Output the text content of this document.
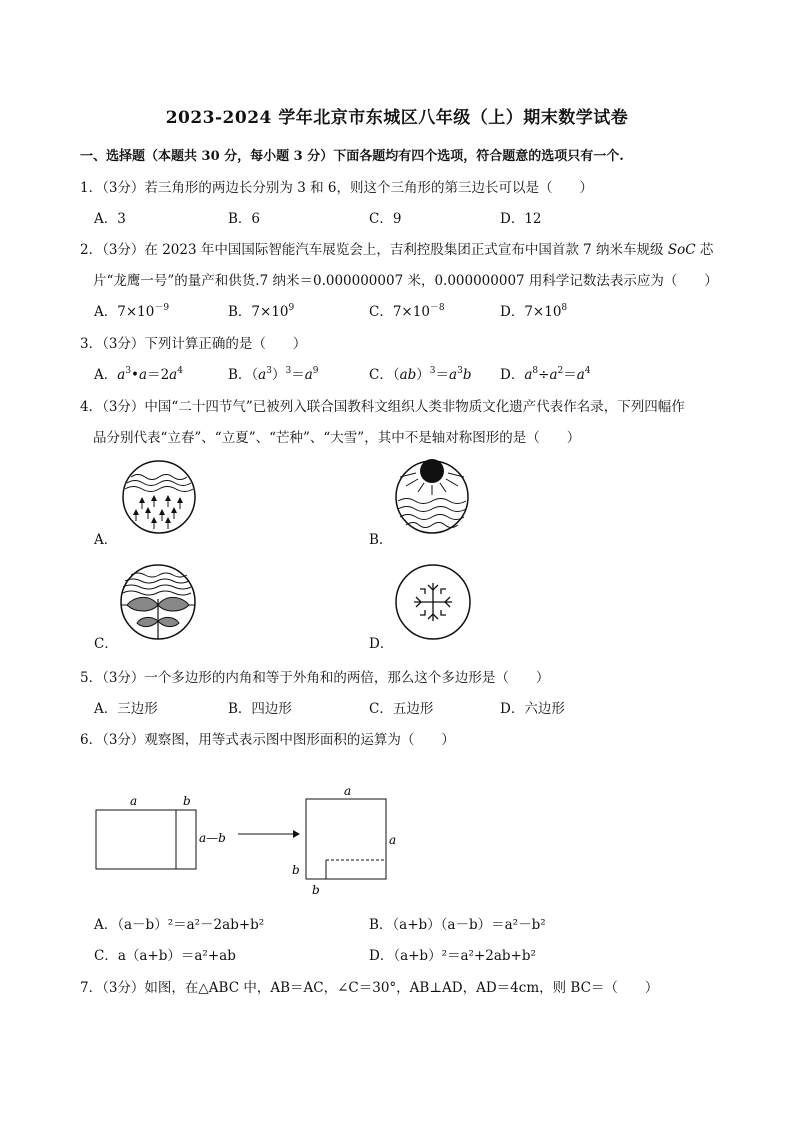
2023-2024 学年北京市东城区八年级（上）期末数学试卷
一、选择题（本题共 30 分，每小题 3 分）下面各题均有四个选项，符合题意的选项只有一个.
1．（3分）若三角形的两边长分别为 3 和 6，则这个三角形的第三边长可以是（　　）
A．3	B．6	C．9	D．12
2．（3分）在 2023 年中国国际智能汽车展览会上，吉利控股集团正式宣布中国首款 7 纳米车规级 SoC 芯
片“龙鹰一号”的量产和供货.7 纳米＝0.000000007 米，0.000000007 用科学记数法表示应为（　　）
A．$7\times 10^{-9}$	B．$7\times 10^9$	C．$7\times 10^{-8}$	D．$7\times 10^8$
3．（3分）下列计算正确的是（　　）
A．$a^3•a=2a^4$	B．$(a^3)^3=a^9$	C．$(ab)^3=a^3b$ D．$a^8\div a^2=a^4$
4．（3分）中国“二十四节气”已被列入联合国教科文组织人类非物质文化遗产代表作名录，下列四幅作
品分别代表“立春”、“立夏”、“芒种”、“大雪”，其中不是轴对称图形的是（　　）
A．	B．
C．	D．
5．（3分）一个多边形的内角和等于外角和的两倍，那么这个多边形是（　　）
A．三边形	B．四边形	C．五边形	D．六边形
6．（3分）观察图，用等式表示图中图形面积的运算为（　　）
a	b
a—b
a
a
b
b
A．（a－b）²＝a²－2ab+b²	B．（a+b）（a－b）＝a²－b²
C．a（a+b）＝a²+ab	D．（a+b）²＝a²+2ab+b²
7．（3分）如图，在△ABC 中，AB＝AC，∠C＝30°，AB⊥AD，AD＝4cm，则 BC＝（　　）
